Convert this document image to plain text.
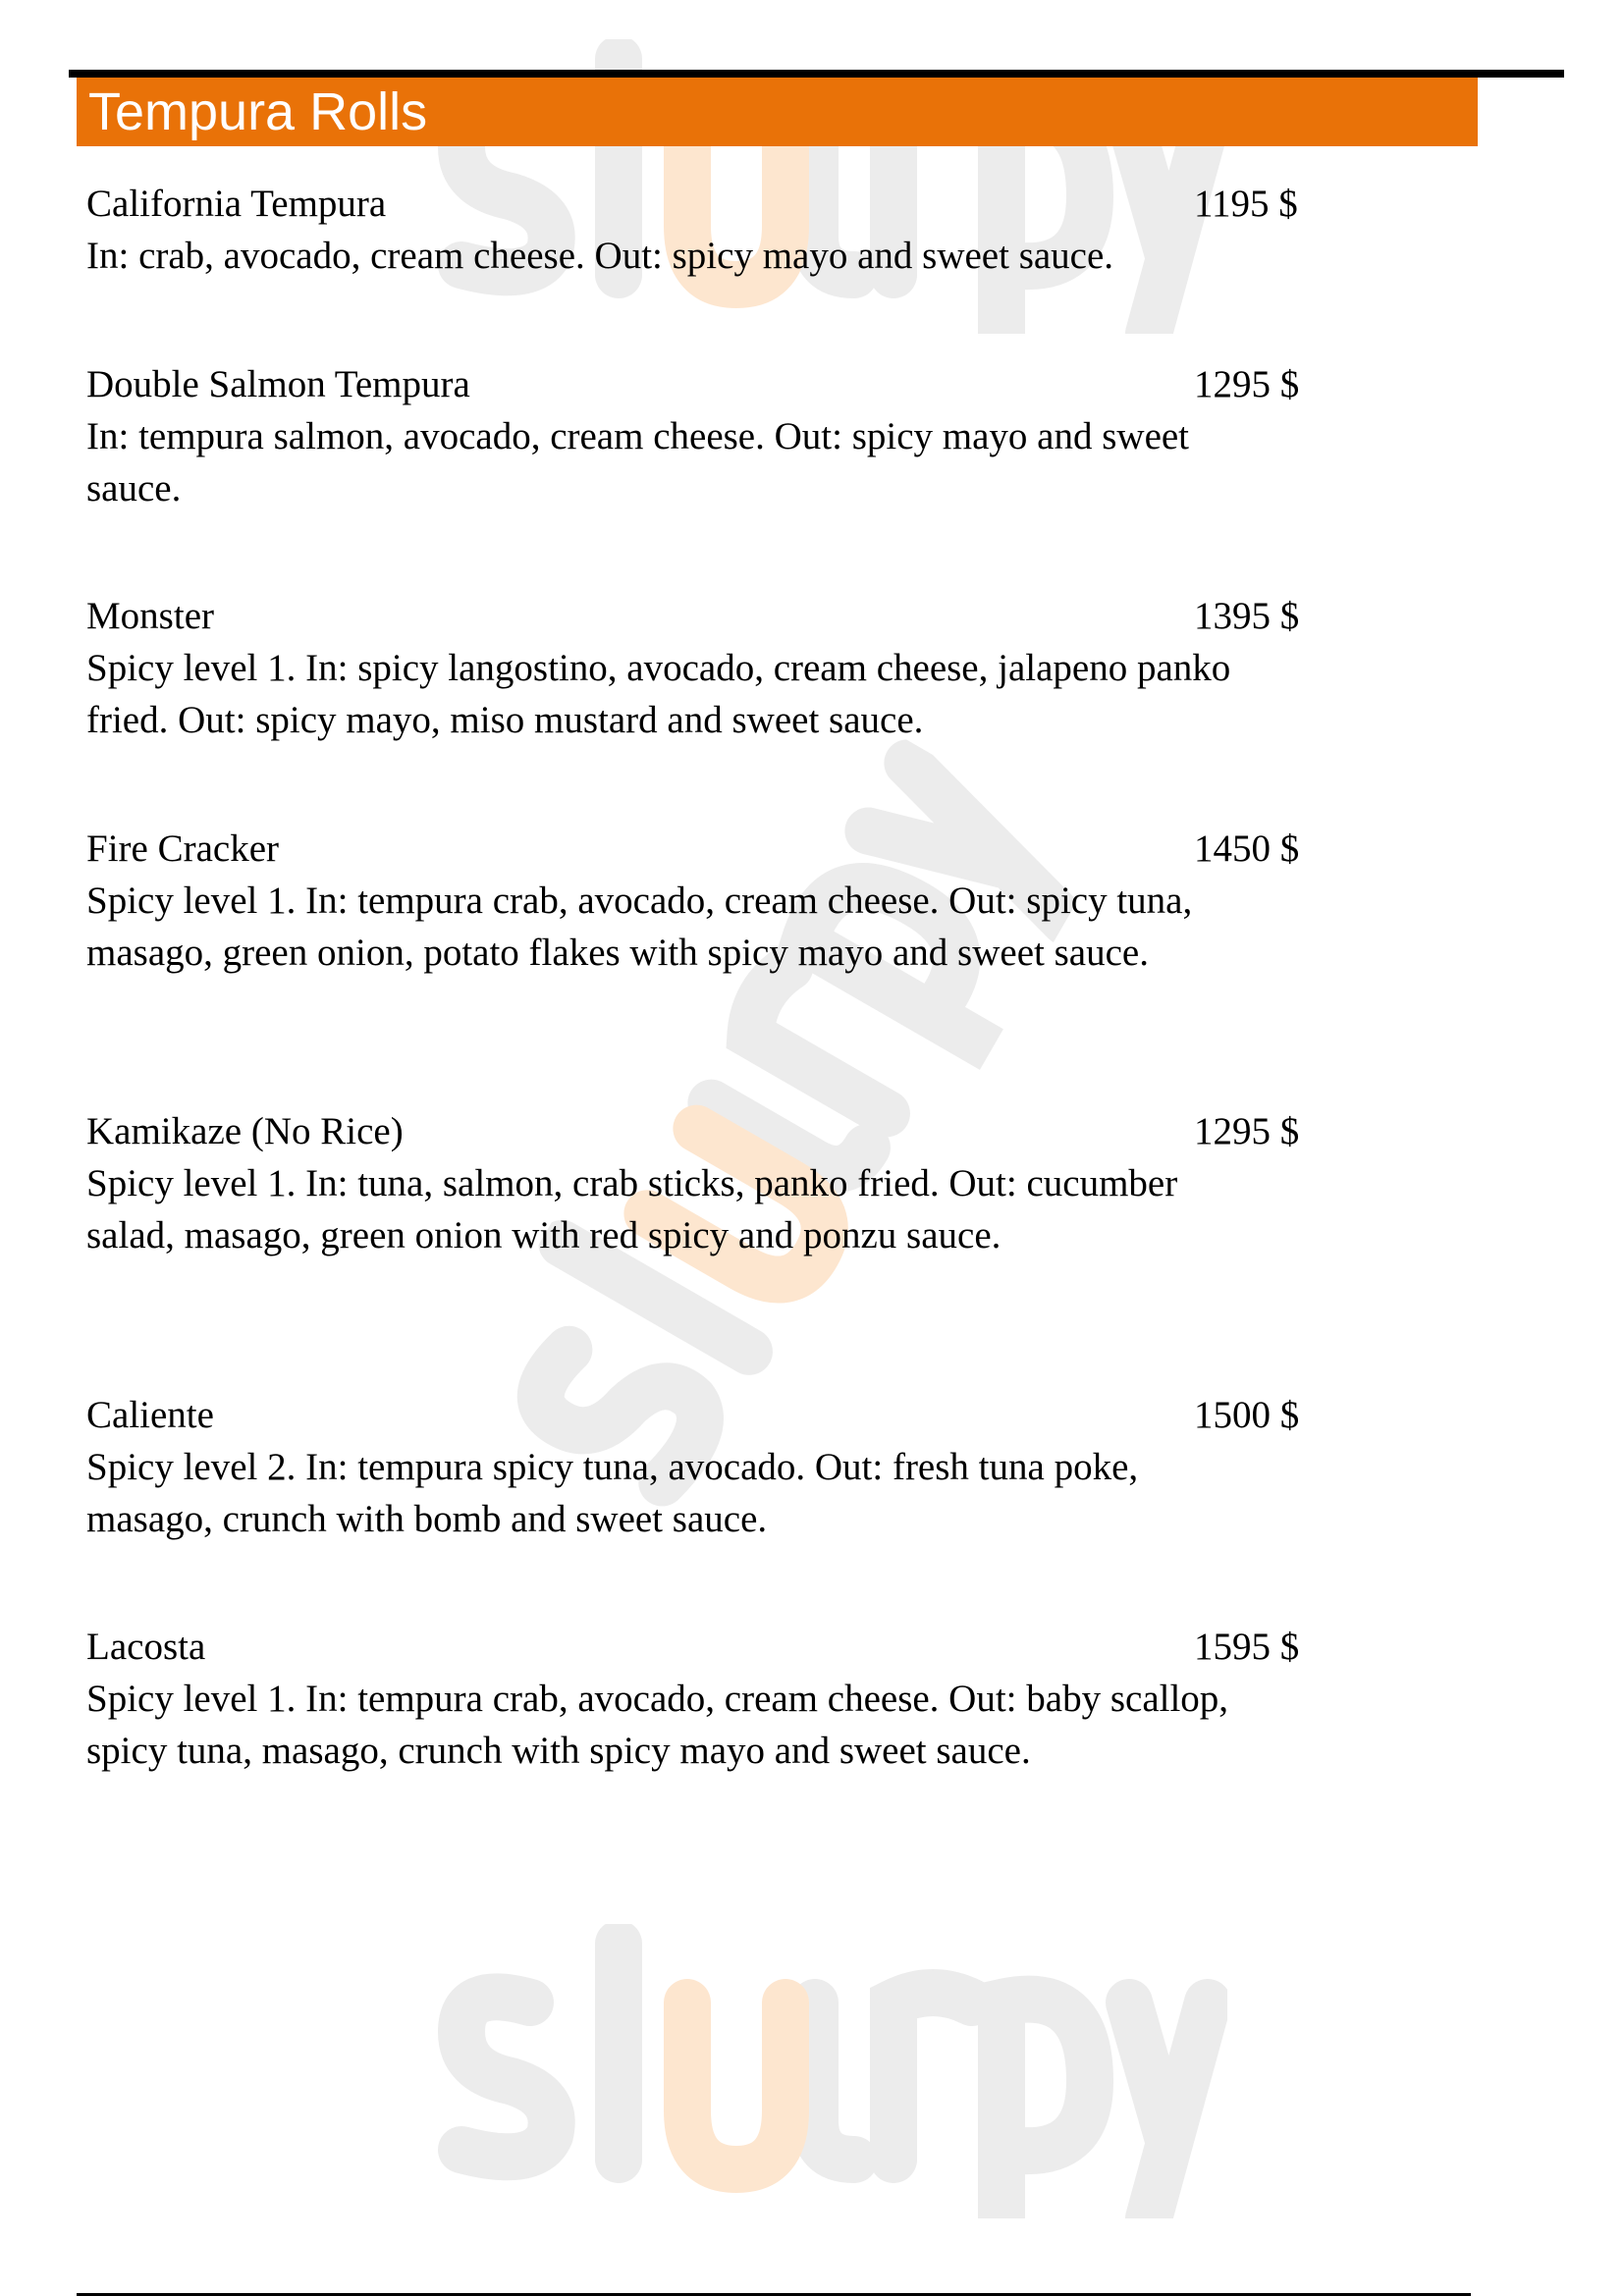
Tempura Rolls
California Tempura	1195 $
In: crab, avocado, cream cheese. Out: spicy mayo and sweet sauce.
Double Salmon Tempura	1295 $
In: tempura salmon, avocado, cream cheese. Out: spicy mayo and sweet sauce.
Monster	1395 $
Spicy level 1. In: spicy langostino, avocado, cream cheese, jalapeno panko fried. Out: spicy mayo, miso mustard and sweet sauce.
Fire Cracker	1450 $
Spicy level 1. In: tempura crab, avocado, cream cheese. Out: spicy tuna, masago, green onion, potato flakes with spicy mayo and sweet sauce.
Kamikaze (No Rice)	1295 $
Spicy level 1. In: tuna, salmon, crab sticks, panko fried. Out: cucumber salad, masago, green onion with red spicy and ponzu sauce.
Caliente	1500 $
Spicy level 2. In: tempura spicy tuna, avocado. Out: fresh tuna poke, masago, crunch with bomb and sweet sauce.
Lacosta	1595 $
Spicy level 1. In: tempura crab, avocado, cream cheese. Out: baby scallop, spicy tuna, masago, crunch with spicy mayo and sweet sauce.
